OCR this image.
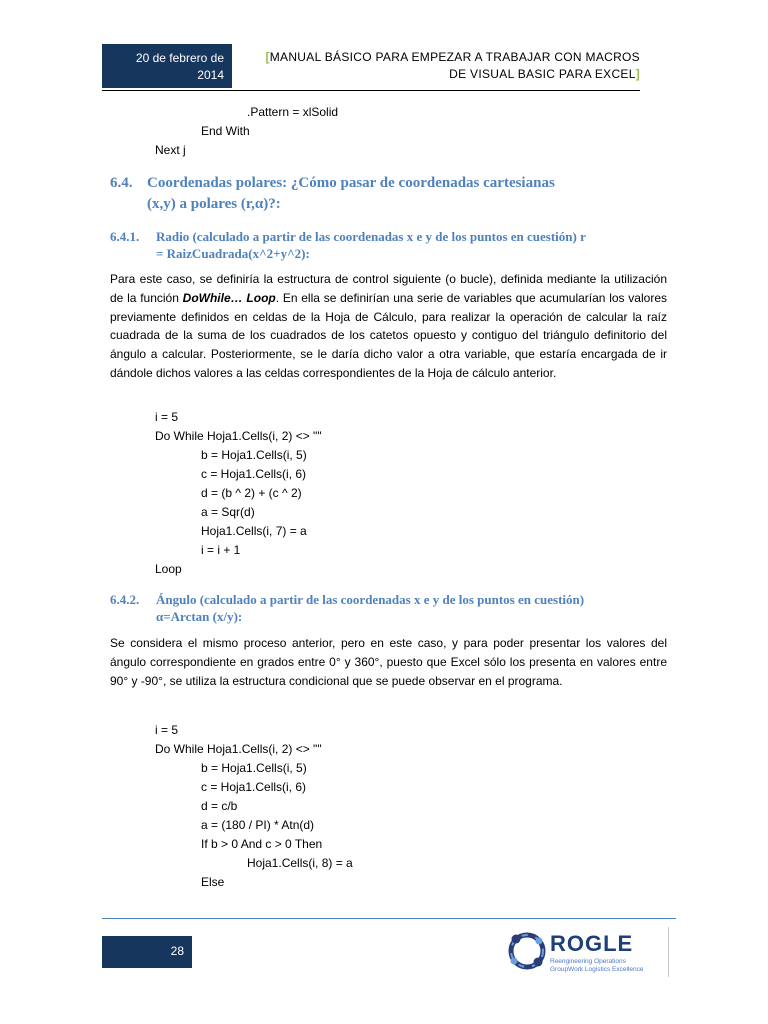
20 de febrero de
2014
[MANUAL BÁSICO PARA EMPEZAR A TRABAJAR CON MACROS
DE VISUAL BASIC PARA EXCEL]
.Pattern = xlSolid
End With
Next j
6.4. Coordenadas polares: ¿Cómo pasar de coordenadas cartesianas
(x,y) a polares (r,α)?:
6.4.1. Radio (calculado a partir de las coordenadas x e y de los puntos en cuestión) r
= RaizCuadrada(x^2+y^2):
Para este caso, se definiría la estructura de control siguiente (o bucle), definida mediante la utilización de la función DoWhile… Loop. En ella se definirían una serie de variables que acumularían los valores previamente definidos en celdas de la Hoja de Cálculo, para realizar la operación de calcular la raíz cuadrada de la suma de los cuadrados de los catetos opuesto y contiguo del triángulo definitorio del ángulo a calcular. Posteriormente, se le daría dicho valor a otra variable, que estaría encargada de ir dándole dichos valores a las celdas correspondientes de la Hoja de cálculo anterior.
i = 5
Do While Hoja1.Cells(i, 2) <> ""
b = Hoja1.Cells(i, 5)
c = Hoja1.Cells(i, 6)
d = (b ^ 2) + (c ^ 2)
a = Sqr(d)
Hoja1.Cells(i, 7) = a
i = i + 1
Loop
6.4.2. Ángulo (calculado a partir de las coordenadas x e y de los puntos en cuestión)
α=Arctan (x/y):
Se considera el mismo proceso anterior, pero en este caso, y para poder presentar los valores del ángulo correspondiente en grados entre 0° y 360°, puesto que Excel sólo los presenta en valores entre 90° y -90°, se utiliza la estructura condicional que se puede observar en el programa.
i = 5
Do While Hoja1.Cells(i, 2) <> ""
b = Hoja1.Cells(i, 5)
c = Hoja1.Cells(i, 6)
d = c/b
a = (180 / PI) * Atn(d)
If b > 0 And c > 0 Then
Hoja1.Cells(i, 8) = a
Else
28	ROGLE
Reengineering Operations
GroupWork Logistics Excellence
